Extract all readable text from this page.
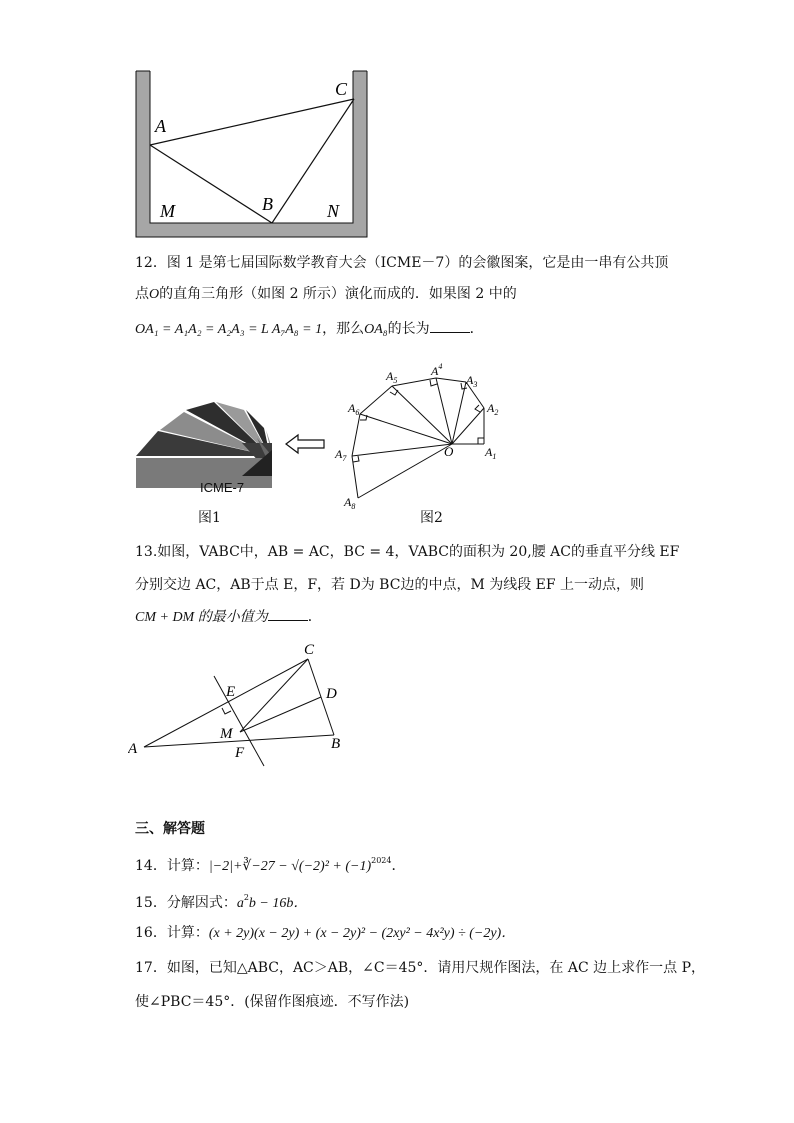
A
C
B
M	N
12．图 1 是第七届国际数学教育大会（ICME－7）的会徽图案，它是由一串有公共顶
点O的直角三角形（如图 2 所示）演化而成的．如果图 2 中的
OA₁ = A₁A₂ = A₂A₃ = L A₇A₈ = 1，那么OA₈的长为	．
ICME-7
图1
O	$A_1$
$A_2$
$A_3$
$A^4$
$A_5$
$A_6$
$A_7$
$A_8$
图2
13.如图，VABC中，AB = AC，BC = 4，VABC的面积为 20,腰 AC的垂直平分线 EF
分别交边 AC，AB于点 E，F，若 D为 BC边的中点，M 为线段 EF 上一动点，则
CM + DM 的最小值为	．
A	B
C
D
E
F
M
三、解答题
14．计算：|−2|+∛−27 − $√(-2)^2 + (-1)^{2024}$．
15．分解因式：$a^2b - 16b$．
16．计算：(x + 2y)(x − 2y) + (x − 2y)² − (2xy² − 4x²y) ÷ (−2y)．
17．如图，已知△ABC，AC＞AB，∠C＝45°．请用尺规作图法，在 AC 边上求作一点 P，
使∠PBC＝45°．(保留作图痕迹．不写作法)
